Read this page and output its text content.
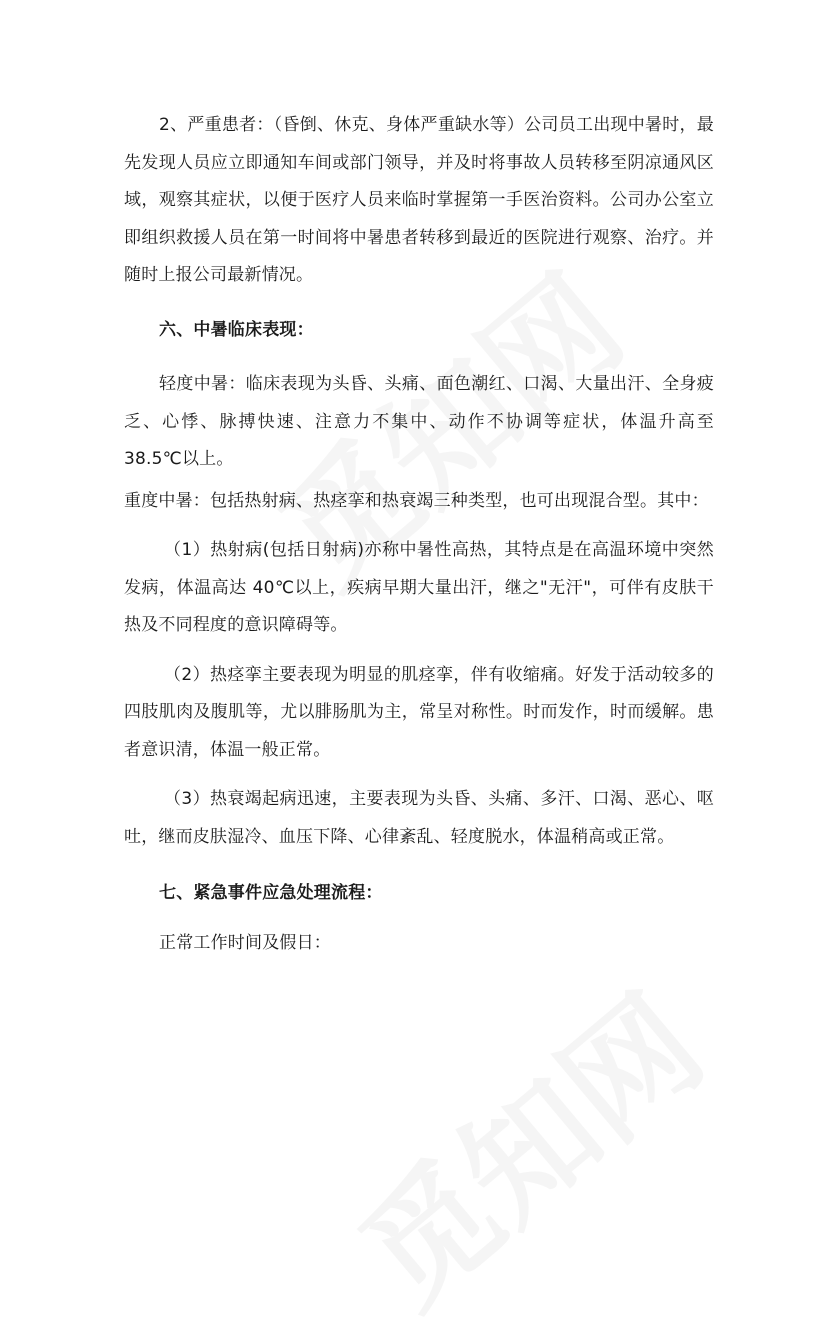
2、严重患者：（昏倒、休克、身体严重缺水等）公司员工出现中暑时，最先发现人员应立即通知车间或部门领导，并及时将事故人员转移至阴凉通风区域，观察其症状，以便于医疗人员来临时掌握第一手医治资料。公司办公室立即组织救援人员在第一时间将中暑患者转移到最近的医院进行观察、治疗。并随时上报公司最新情况。

六、中暑临床表现：

轻度中暑：临床表现为头昏、头痛、面色潮红、口渴、大量出汗、全身疲乏、心悸、脉搏快速、注意力不集中、动作不协调等症状，体温升高至 38.5℃以上。

重度中暑：包括热射病、热痉挛和热衰竭三种类型，也可出现混合型。其中：

（1）热射病(包括日射病)亦称中暑性高热，其特点是在高温环境中突然发病，体温高达 40℃以上，疾病早期大量出汗，继之"无汗"，可伴有皮肤干热及不同程度的意识障碍等。

（2）热痉挛主要表现为明显的肌痉挛，伴有收缩痛。好发于活动较多的四肢肌肉及腹肌等，尤以腓肠肌为主，常呈对称性。时而发作，时而缓解。患者意识清，体温一般正常。

（3）热衰竭起病迅速，主要表现为头昏、头痛、多汗、口渴、恶心、呕吐，继而皮肤湿冷、血压下降、心律紊乱、轻度脱水，体温稍高或正常。

七、紧急事件应急处理流程：

正常工作时间及假日：
